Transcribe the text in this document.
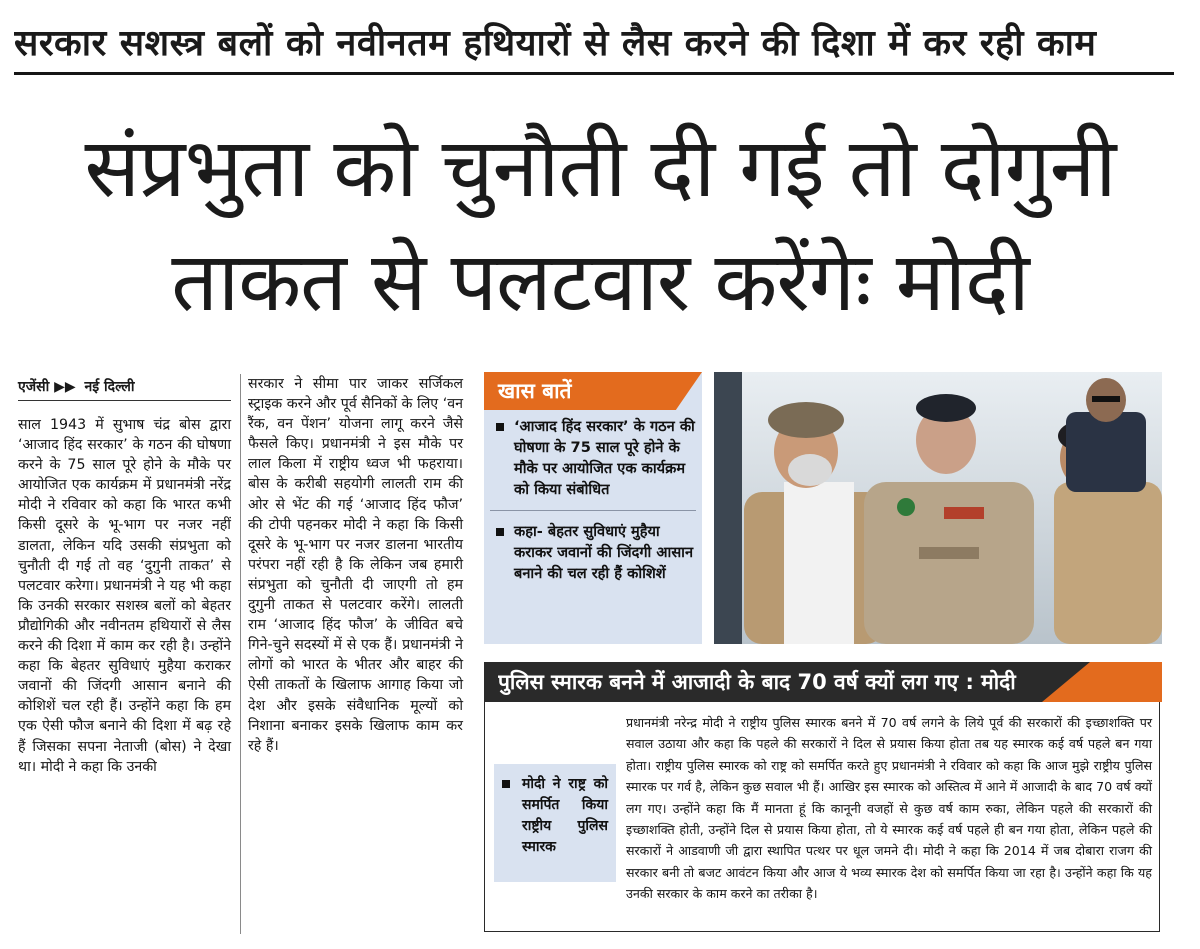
सरकार सशस्त्र बलों को नवीनतम हथियारों से लैस करने की दिशा में कर रही काम
संप्रभुता को चुनौती दी गई तो दोगुनी
ताकत से पलटवार करेंगेः मोदी
एजेंसी ▶▶ नई दिल्ली
साल 1943 में सुभाष चंद्र बोस द्वारा ‘आजाद हिंद सरकार’ के गठन की घोषणा करने के 75 साल पूरे होने के मौके पर आयोजित एक कार्यक्रम में प्रधानमंत्री नरेंद्र मोदी ने रविवार को कहा कि भारत कभी किसी दूसरे के भू-भाग पर नजर नहीं डालता, लेकिन यदि उसकी संप्रभुता को चुनौती दी गई तो वह ‘दुगुनी ताकत’ से पलटवार करेगा। प्रधानमंत्री ने यह भी कहा कि उनकी सरकार सशस्त्र बलों को बेहतर प्रौद्योगिकी और नवीनतम हथियारों से लैस करने की दिशा में काम कर रही है। उन्होंने कहा कि बेहतर सुविधाएं मुहैया कराकर जवानों की जिंदगी आसान बनाने की कोशिशें चल रही हैं। उन्होंने कहा कि हम एक ऐसी फौज बनाने की दिशा में बढ़ रहे हैं जिसका सपना नेताजी (बोस) ने देखा था। मोदी ने कहा कि उनकी
सरकार ने सीमा पार जाकर सर्जिकल स्ट्राइक करने और पूर्व सैनिकों के लिए ‘वन रैंक, वन पेंशन’ योजना लागू करने जैसे फैसले किए। प्रधानमंत्री ने इस मौके पर लाल किला में राष्ट्रीय ध्वज भी फहराया। बोस के करीबी सहयोगी लालती राम की ओर से भेंट की गई ‘आजाद हिंद फौज’ की टोपी पहनकर मोदी ने कहा कि किसी दूसरे के भू-भाग पर नजर डालना भारतीय परंपरा नहीं रही है कि लेकिन जब हमारी संप्रभुता को चुनौती दी जाएगी तो हम दुगुनी ताकत से पलटवार करेंगे। लालती राम ‘आजाद हिंद फौज’ के जीवित बचे गिने-चुने सदस्यों में से एक हैं। प्रधानमंत्री ने लोगों को भारत के भीतर और बाहर की ऐसी ताकतों के खिलाफ आगाह किया जो देश और इसके संवैधानिक मूल्यों को निशाना बनाकर इसके खिलाफ काम कर रहे हैं।
खास बातें
‘आजाद हिंद सरकार’ के गठन की घोषणा के 75 साल पूरे होने के मौके पर आयोजित एक कार्यक्रम को किया संबोधित
कहा- बेहतर सुविधाएं मुहैया कराकर जवानों की जिंदगी आसान बनाने की चल रही हैं कोशिशें
पुलिस स्मारक बनने में आजादी के बाद 70 वर्ष क्यों लग गए : मोदी
मोदी ने राष्ट्र को समर्पित किया राष्ट्रीय पुलिस स्मारक
प्रधानमंत्री नरेन्द्र मोदी ने राष्ट्रीय पुलिस स्मारक बनने में 70 वर्ष लगने के लिये पूर्व की सरकारों की इच्छाशक्ति पर सवाल उठाया और कहा कि पहले की सरकारों ने दिल से प्रयास किया होता तब यह स्मारक कई वर्ष पहले बन गया होता। राष्ट्रीय पुलिस स्मारक को राष्ट्र को समर्पित करते हुए प्रधानमंत्री ने रविवार को कहा कि आज मुझे राष्ट्रीय पुलिस स्मारक पर गर्व है, लेकिन कुछ सवाल भी हैं। आखिर इस स्मारक को अस्तित्व में आने में आजादी के बाद 70 वर्ष क्यों लग गए। उन्होंने कहा कि मैं मानता हूं कि कानूनी वजहों से कुछ वर्ष काम रुका, लेकिन पहले की सरकारों की इच्छाशक्ति होती, उन्होंने दिल से प्रयास किया होता, तो ये स्मारक कई वर्ष पहले ही बन गया होता, लेकिन पहले की सरकारों ने आडवाणी जी द्वारा स्थापित पत्थर पर धूल जमने दी। मोदी ने कहा कि 2014 में जब दोबारा राजग की सरकार बनी तो बजट आवंटन किया और आज ये भव्य स्मारक देश को समर्पित किया जा रहा है। उन्होंने कहा कि यह उनकी सरकार के काम करने का तरीका है।
